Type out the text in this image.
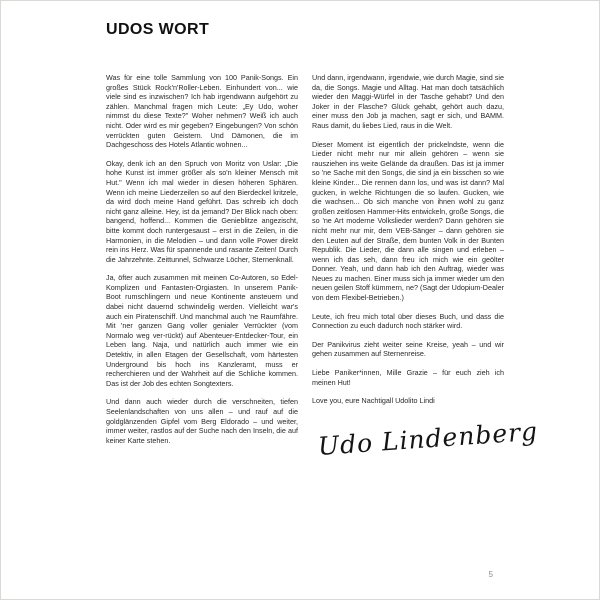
UDOS WORT

Was für eine tolle Sammlung von 100 Panik-Songs. Ein großes Stück Rock'n'Roller-Leben. Einhundert von... wie viele sind es inzwischen? Ich hab irgendwann aufgehört zu zählen. Manchmal fragen mich Leute: „Ey Udo, woher nimmst du diese Texte?" Woher nehmen? Weiß ich auch nicht. Oder wird es mir gegeben? Eingebungen? Von schön verrückten guten Geistern. Und Dämonen, die im Dachgeschoss des Hotels Atlantic wohnen...

Okay, denk ich an den Spruch von Moritz von Uslar: „Die hohe Kunst ist immer größer als so'n kleiner Mensch mit Hut." Wenn ich mal wieder in diesen höheren Sphären. Wenn ich meine Liederzeilen so auf den Bierdeckel kritzele, da wird doch meine Hand geführt. Das schreib ich doch nicht ganz alleine. Hey, ist da jemand? Der Blick nach oben: bangend, hoffend... Kommen die Genieblitze angezischt, bitte kommt doch runtergesaust – erst in die Zeilen, in die Harmonien, in die Melodien – und dann volle Power direkt rein ins Herz. Was für spannende und rasante Zeiten! Durch die Jahrzehnte. Zeittunnel, Schwarze Löcher, Sternenknall.

Ja, öfter auch zusammen mit meinen Co-Autoren, so Edel-Komplizen und Fantasten-Orgiasten. In unserem Panik-Boot rumschlingern und neue Kontinente ansteuern und dabei nicht dauernd schwindelig werden. Vielleicht war's auch ein Piratenschiff. Und manchmal auch 'ne Raumfähre. Mit 'ner ganzen Gang voller genialer Verrückter (vom Normalo weg ver-rückt) auf Abenteuer-Entdecker-Tour, ein Leben lang. Naja, und natürlich auch immer wie ein Detektiv, in allen Etagen der Gesellschaft, vom härtesten Underground bis hoch ins Kanzleramt, muss er recherchieren und der Wahrheit auf die Schliche kommen. Das ist der Job des echten Songtexters.

Und dann auch wieder durch die verschneiten, tiefen Seelenlandschaften von uns allen – und rauf auf die goldglänzenden Gipfel vom Berg Eldorado – und weiter, immer weiter, rastlos auf der Suche nach den Inseln, die auf keiner Karte stehen.

Und dann, irgendwann, irgendwie, wie durch Magie, sind sie da, die Songs. Magie und Alltag. Hat man doch tatsächlich wieder den Maggi-Würfel in der Tasche gehabt? Und den Joker in der Flasche? Glück gehabt, gehört auch dazu, einer muss den Job ja machen, sagt er sich, und BAMM. Raus damit, du liebes Lied, raus in die Welt.

Dieser Moment ist eigentlich der prickelndste, wenn die Lieder nicht mehr nur mir allein gehören – wenn sie rausziehen ins weite Gelände da draußen. Das ist ja immer so 'ne Sache mit den Songs, die sind ja ein bisschen so wie kleine Kinder... Die rennen dann los, und was ist dann? Mal gucken, in welche Richtungen die so laufen. Gucken, wie die wachsen... Ob sich manche von ihnen wohl zu ganz großen zeitlosen Hammer-Hits entwickeln, große Songs, die so 'ne Art moderne Volkslieder werden? Dann gehören sie nicht mehr nur mir, dem VEB-Sänger – dann gehören sie den Leuten auf der Straße, dem bunten Volk in der Bunten Republik. Die Lieder, die dann alle singen und erleben – wenn ich das seh, dann freu ich mich wie ein geölter Donner. Yeah, und dann hab ich den Auftrag, wieder was Neues zu machen. Einer muss sich ja immer wieder um den neuen geilen Stoff kümmern, ne? (Sagt der Udopium-Dealer von dem Flexibel-Betrieben.)

Leute, ich freu mich total über dieses Buch, und dass die Connection zu euch dadurch noch stärker wird.

Der Panikvirus zieht weiter seine Kreise, yeah – und wir gehen zusammen auf Sternenreise.

Liebe Paniker*innen, Mille Grazie – für euch zieh ich meinen Hut!

Love you, eure Nachtigall Udolito Lindi

Udo Lindenberg
5
